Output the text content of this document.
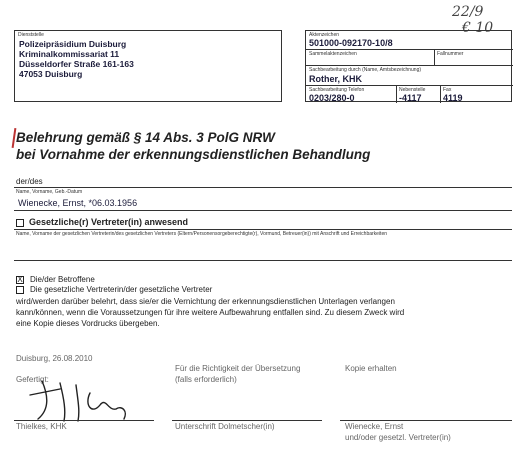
22/9
€ 10
Dienststelle
Polizeipräsidium Duisburg
Kriminalkommissariat 11
Düsseldorfer Straße 161-163
47053 Duisburg
Aktenzeichen
501000-092170-10/8
Sammelaktenzeichen	Fallnummer
Sachbearbeitung durch (Name, Amtsbezeichnung)
Rother, KHK
Sachbearbeitung Telefon
0203/280-0
Nebenstelle
-4117
Fax
4119
Belehrung gemäß § 14 Abs. 3 PolG NRW
bei Vornahme der erkennungsdienstlichen Behandlung
der/des
Name, Vorname, Geb.-Datum
Wienecke, Ernst, *06.03.1956
Gesetzliche(r) Vertreter(in) anwesend
Name, Vorname der gesetzlichen Vertreterin/des gesetzlichen Vertreters (Eltern/Personensorgeberechtigte(r), Vormund, Betreuer(in)) mit Anschrift und Erreichbarkeiten
X Die/der Betroffene
Die gesetzliche Vertreterin/der gesetzliche Vertreter
wird/werden darüber belehrt, dass sie/er die Vernichtung der erkennungsdienstlichen Unterlagen verlangen
kann/können, wenn die Voraussetzungen für ihre weitere Aufbewahrung entfallen sind. Zu diesem Zweck wird
eine Kopie dieses Vordrucks übergeben.
Duisburg, 26.08.2010
Gefertigt:
Für die Richtigkeit der Übersetzung
(falls erforderlich)
Kopie erhalten
Thielkes, KHK	Unterschrift Dolmetscher(in)	Wienecke, Ernst
und/oder gesetzl. Vertreter(in)
